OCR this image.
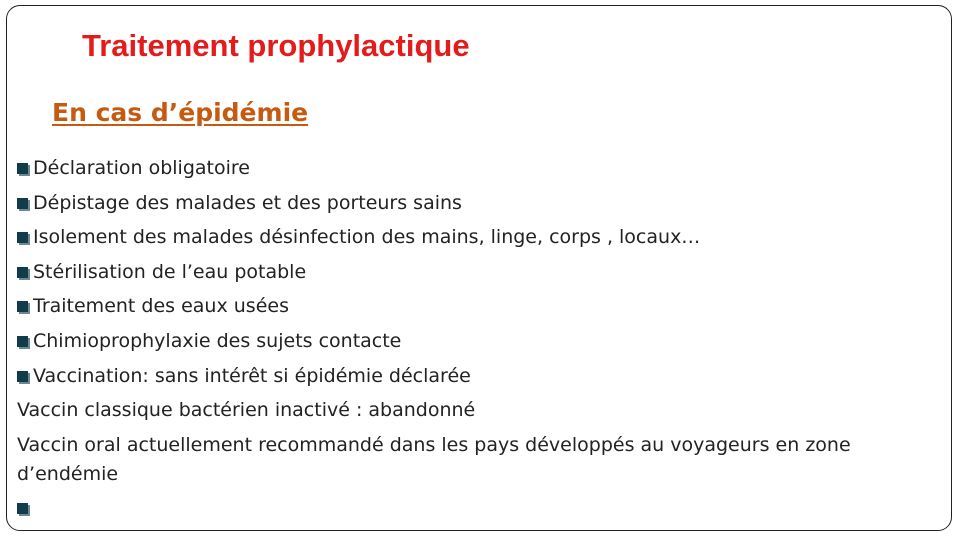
Traitement prophylactique
En cas d’épidémie
Déclaration obligatoire
Dépistage des malades et des porteurs sains
Isolement des malades désinfection des mains, linge, corps , locaux…
Stérilisation de l’eau potable
Traitement des eaux usées
Chimioprophylaxie des sujets contacte
Vaccination: sans intérêt si épidémie déclarée
Vaccin classique bactérien inactivé : abandonné
Vaccin oral actuellement recommandé dans les pays développés au voyageurs en zone d’endémie
